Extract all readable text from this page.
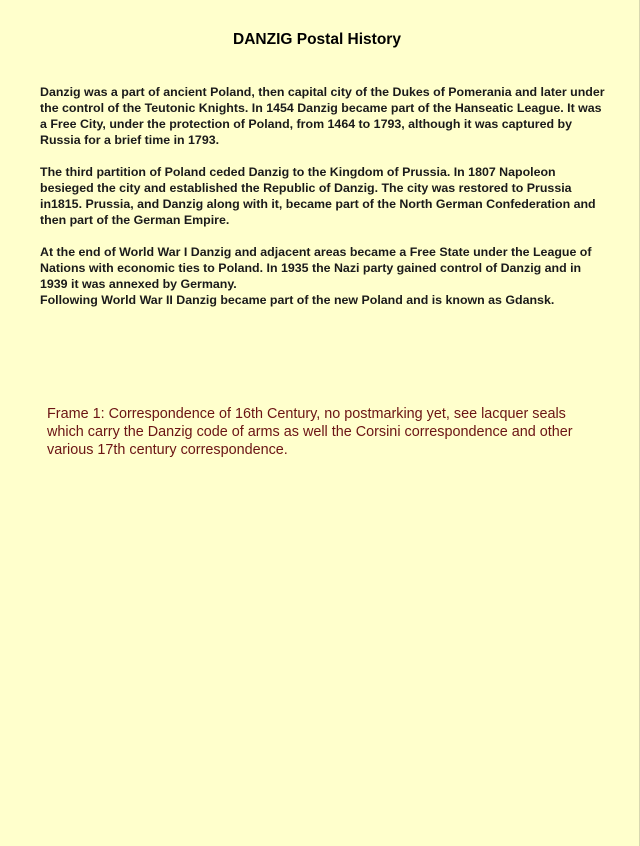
DANZIG Postal History

Danzig was a part of ancient Poland, then capital city of the Dukes of Pomerania and later under the control of the Teutonic Knights. In 1454 Danzig became part of the Hanseatic League. It was a Free City, under the protection of Poland, from 1464 to 1793, although it was captured by Russia for a brief time in 1793.

The third partition of Poland ceded Danzig to the Kingdom of Prussia. In 1807 Napoleon besieged the city and established the Republic of Danzig. The city was restored to Prussia in1815. Prussia, and Danzig along with it, became part of the North German Confederation and then part of the German Empire.

At the end of World War I Danzig and adjacent areas became a Free State under the League of Nations with economic ties to Poland. In 1935 the Nazi party gained control of Danzig and in 1939 it was annexed by Germany.

Following World War II Danzig became part of the new Poland and is known as Gdansk.

Frame 1: Correspondence of 16th Century, no postmarking yet, see lacquer seals which carry the Danzig code of arms as well the Corsini correspondence and other various 17th century correspondence.
